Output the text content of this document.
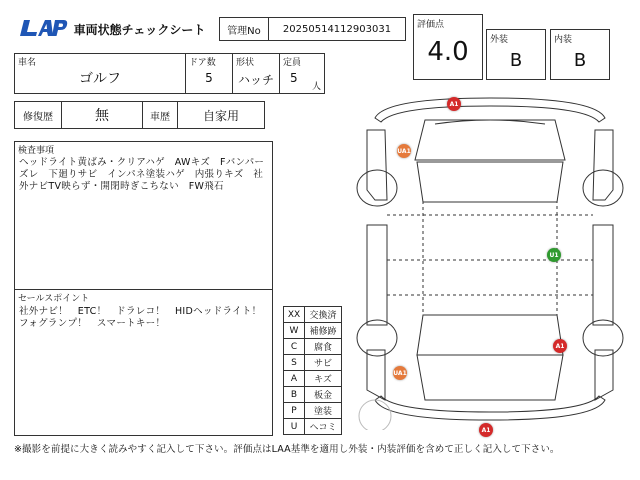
LAA
車両状態チェックシート	管理No	20250514112903031	評価点
4.0	外装
B
内装
B
車名
ゴルフ
ドア数
5
形状
ハッチ
定員
5
人
修復歴	無	車歴	自家用
検査事項
ヘッドライト黄ばみ・クリアハゲ　AWキズ　Fバンパーズレ　下廻りサビ　インパネ塗装ハゲ　内張りキズ　社外ナビTV映らず・開閉時ぎこちない　FW飛石
セールスポイント
社外ナビ！　ETC！　ドラレコ！　HIDヘッドライト！　フォグランプ！　スマートキー！
XX	交換済
W	補修跡
C	腐食
S	サビ
A	キズ
B	板金
P	塗装
U	ヘコミ
A1
UA1
U1
A1
UA1
A1
※撮影を前提に大きく読みやすく記入して下さい。評価点はLAA基準を適用し外装・内装評価を含めて正しく記入して下さい。
